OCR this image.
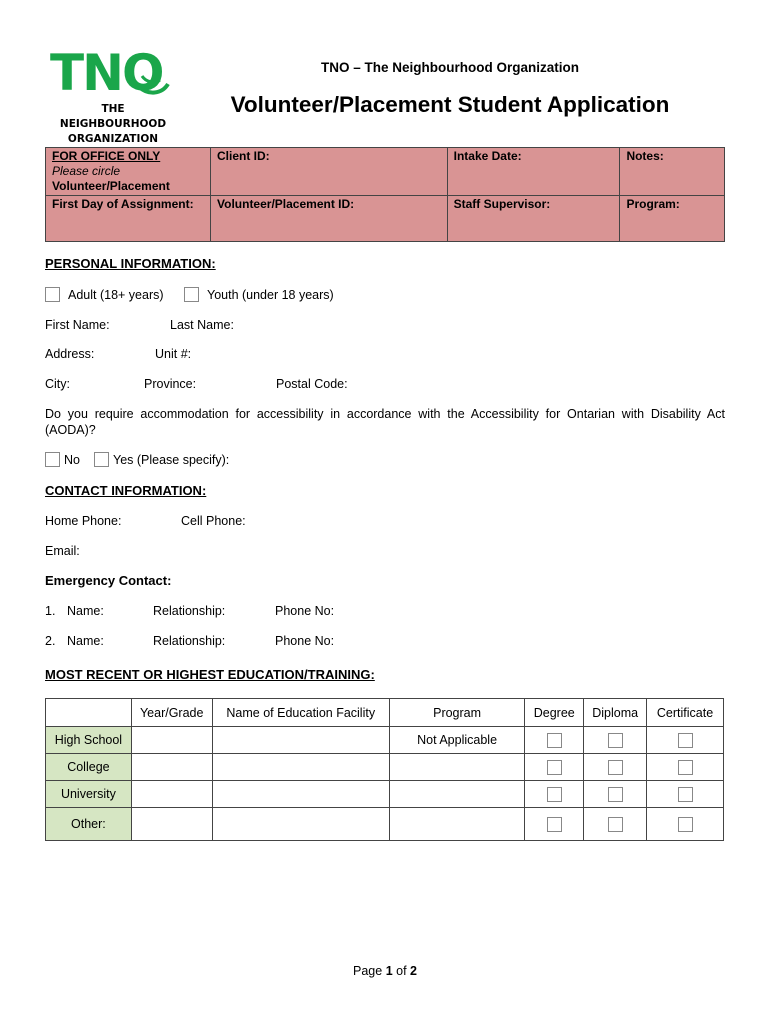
TNO
THE NEIGHBOURHOOD
ORGANIZATION
TNO – The Neighbourhood Organization
Volunteer/Placement Student Application
FOR OFFICE ONLY
Please circle
Volunteer/Placement	Client ID:	Intake Date:	Notes:
First Day of Assignment:	Volunteer/Placement ID:	Staff Supervisor:	Program:
PERSONAL INFORMATION:
Adult (18+ years)	Youth (under 18 years)
First Name:	Last Name:
Address:	Unit #:
City:	Province:	Postal Code:
Do you require accommodation for accessibility in accordance with the Accessibility for Ontarian with Disability Act (AODA)?
No	Yes (Please specify):
CONTACT INFORMATION:
Home Phone:	Cell Phone:
Email:
Emergency Contact:
1. Name:	Relationship:	Phone No:
2. Name:	Relationship:	Phone No:
MOST RECENT OR HIGHEST EDUCATION/TRAINING:
	Year/Grade	Name of Education Facility	Program	Degree	Diploma	Certificate
High School			Not Applicable			
College						
University						
Other:						
Page 1 of 2
